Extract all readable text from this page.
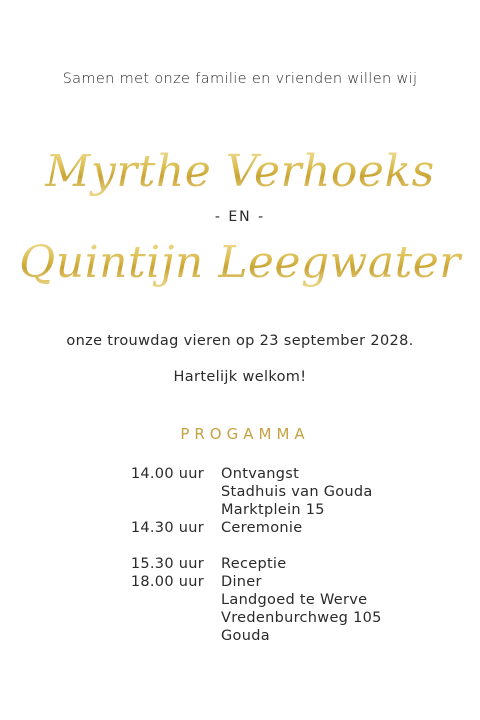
Samen met onze familie en vrienden willen wij
Myrthe Verhoeks
- EN -
Quintijn Leegwater
onze trouwdag vieren op 23 september 2028.
Hartelijk welkom!
PROGAMMA
14.00 uur Ontvangst
Stadhuis van Gouda
Marktplein 15
14.30 uur Ceremonie
15.30 uur Receptie
18.00 uur Diner
Landgoed te Werve
Vredenburchweg 105
Gouda
